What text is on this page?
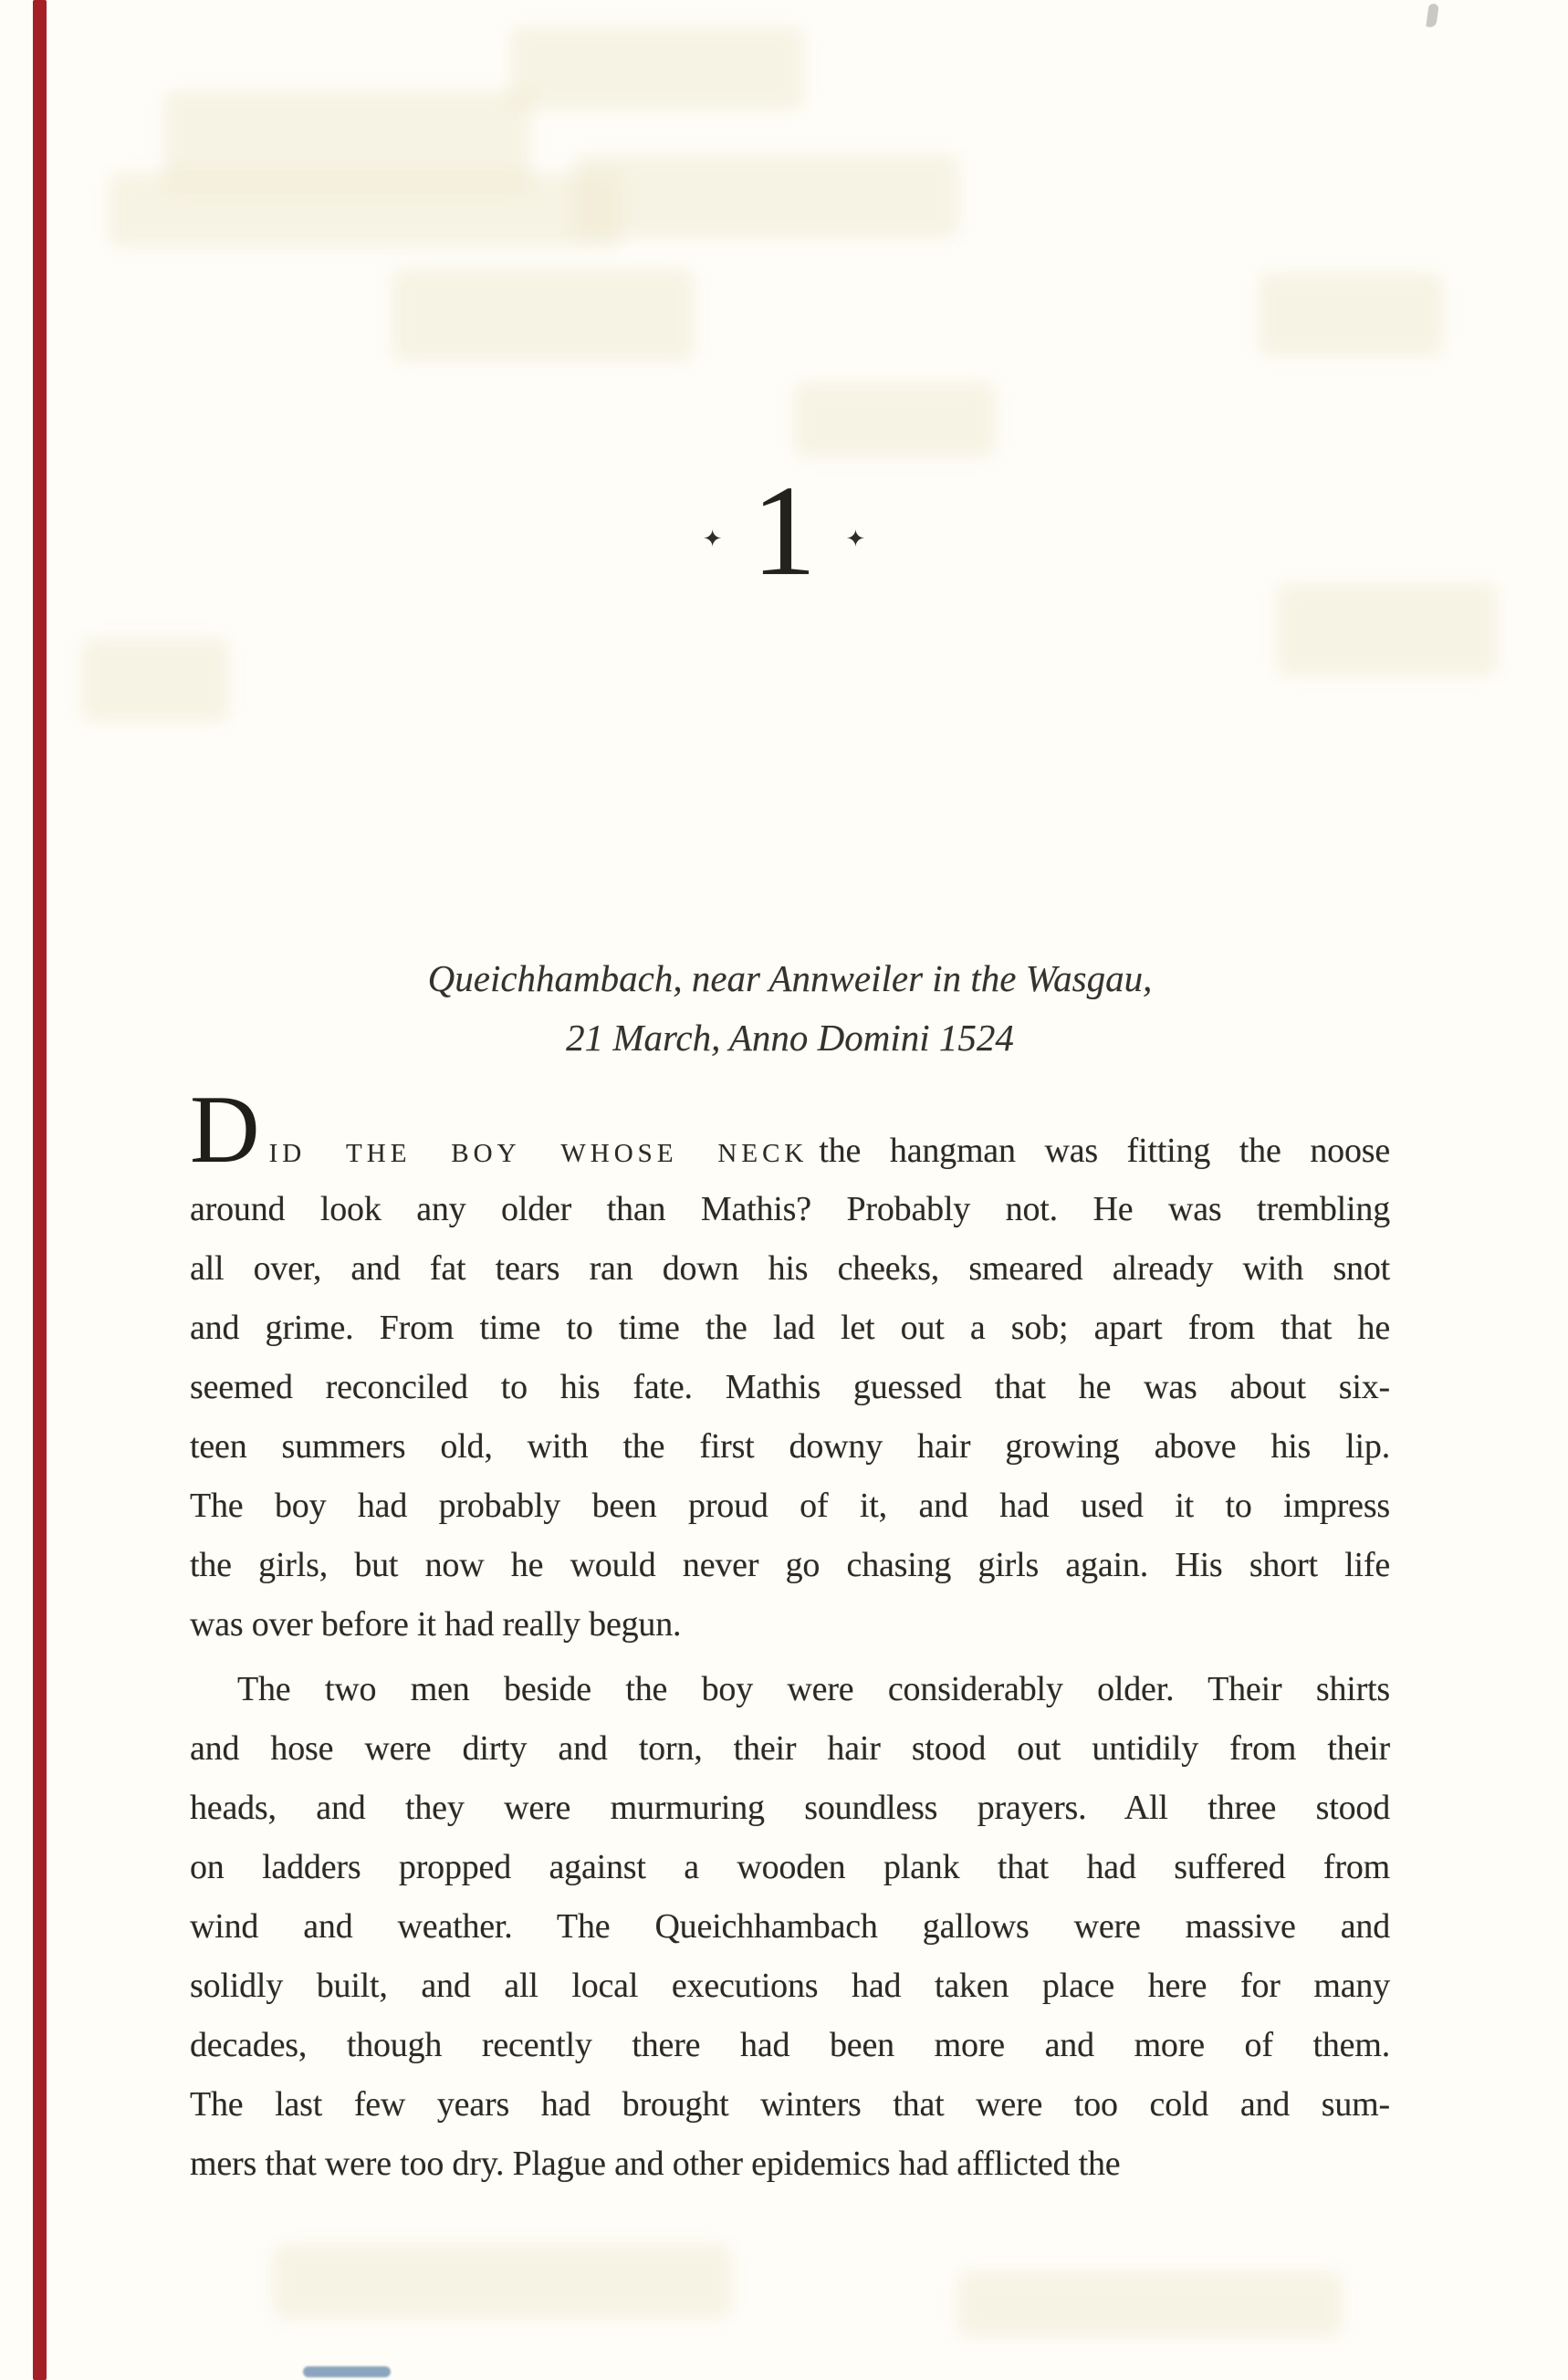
✦ 1 ✦
Queichhambach, near Annweiler in the Wasgau,
21 March, Anno Domini 1524
Did the boy whose neck the hangman was fitting the noose
around look any older than Mathis? Probably not. He was trembling
all over, and fat tears ran down his cheeks, smeared already with snot
and grime. From time to time the lad let out a sob; apart from that he
seemed reconciled to his fate. Mathis guessed that he was about six-
teen summers old, with the first downy hair growing above his lip.
The boy had probably been proud of it, and had used it to impress
the girls, but now he would never go chasing girls again. His short life
was over before it had really begun.
The two men beside the boy were considerably older. Their shirts
and hose were dirty and torn, their hair stood out untidily from their
heads, and they were murmuring soundless prayers. All three stood
on ladders propped against a wooden plank that had suffered from
wind and weather. The Queichhambach gallows were massive and
solidly built, and all local executions had taken place here for many
decades, though recently there had been more and more of them.
The last few years had brought winters that were too cold and sum-
mers that were too dry. Plague and other epidemics had afflicted the
